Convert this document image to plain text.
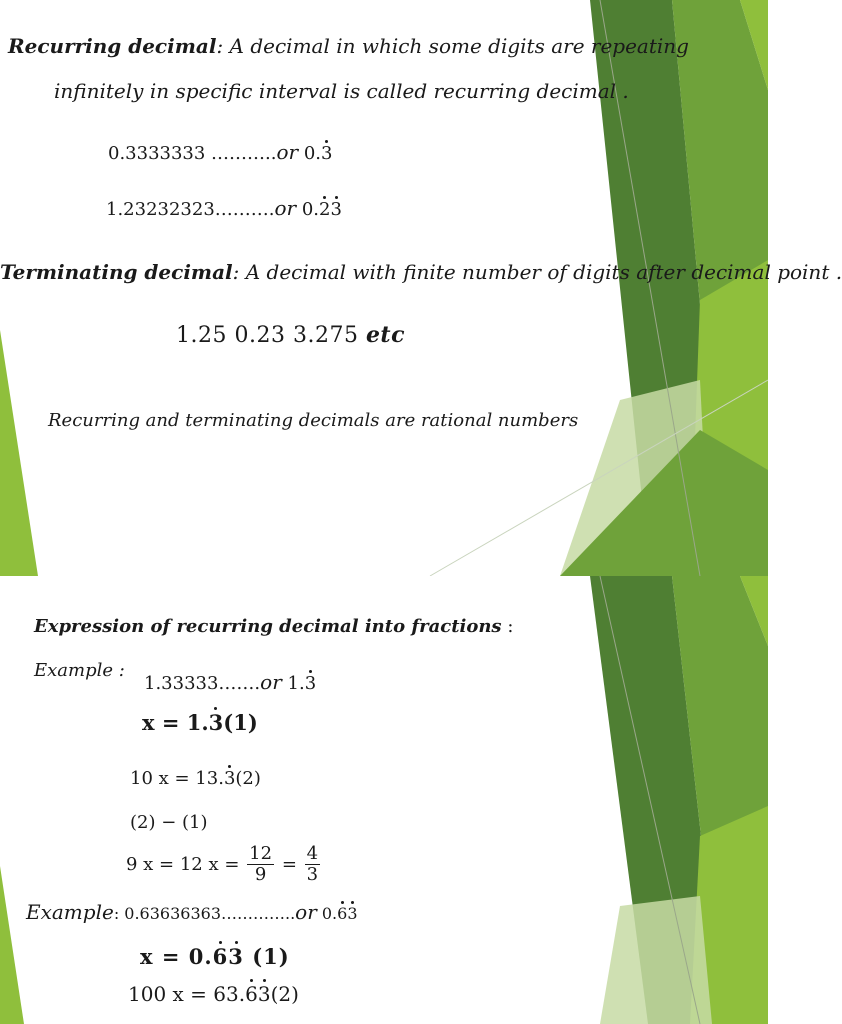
Recurring decimal: A decimal in which some digits are repeating
infinitely in specific interval is called recurring decimal .
0.3333333 ………..or 0.3
1.23232323……….or 0.23
Terminating decimal: A decimal with finite number of digits after decimal point .
1.25 0.23 3.275 etc
Recurring and terminating decimals are rational numbers
Expression of recurring decimal into fractions :
Example :
1.33333…….or 1.3
x = 1.3(1)
10 x = 13.3(2)
(2) − (1)
9 x = 12 $x = \frac{12}{9} = \frac{4}{3}$
Example: 0.63636363…………..or 0.63
x = 0.63 (1)
100 x = 63.63(2)
